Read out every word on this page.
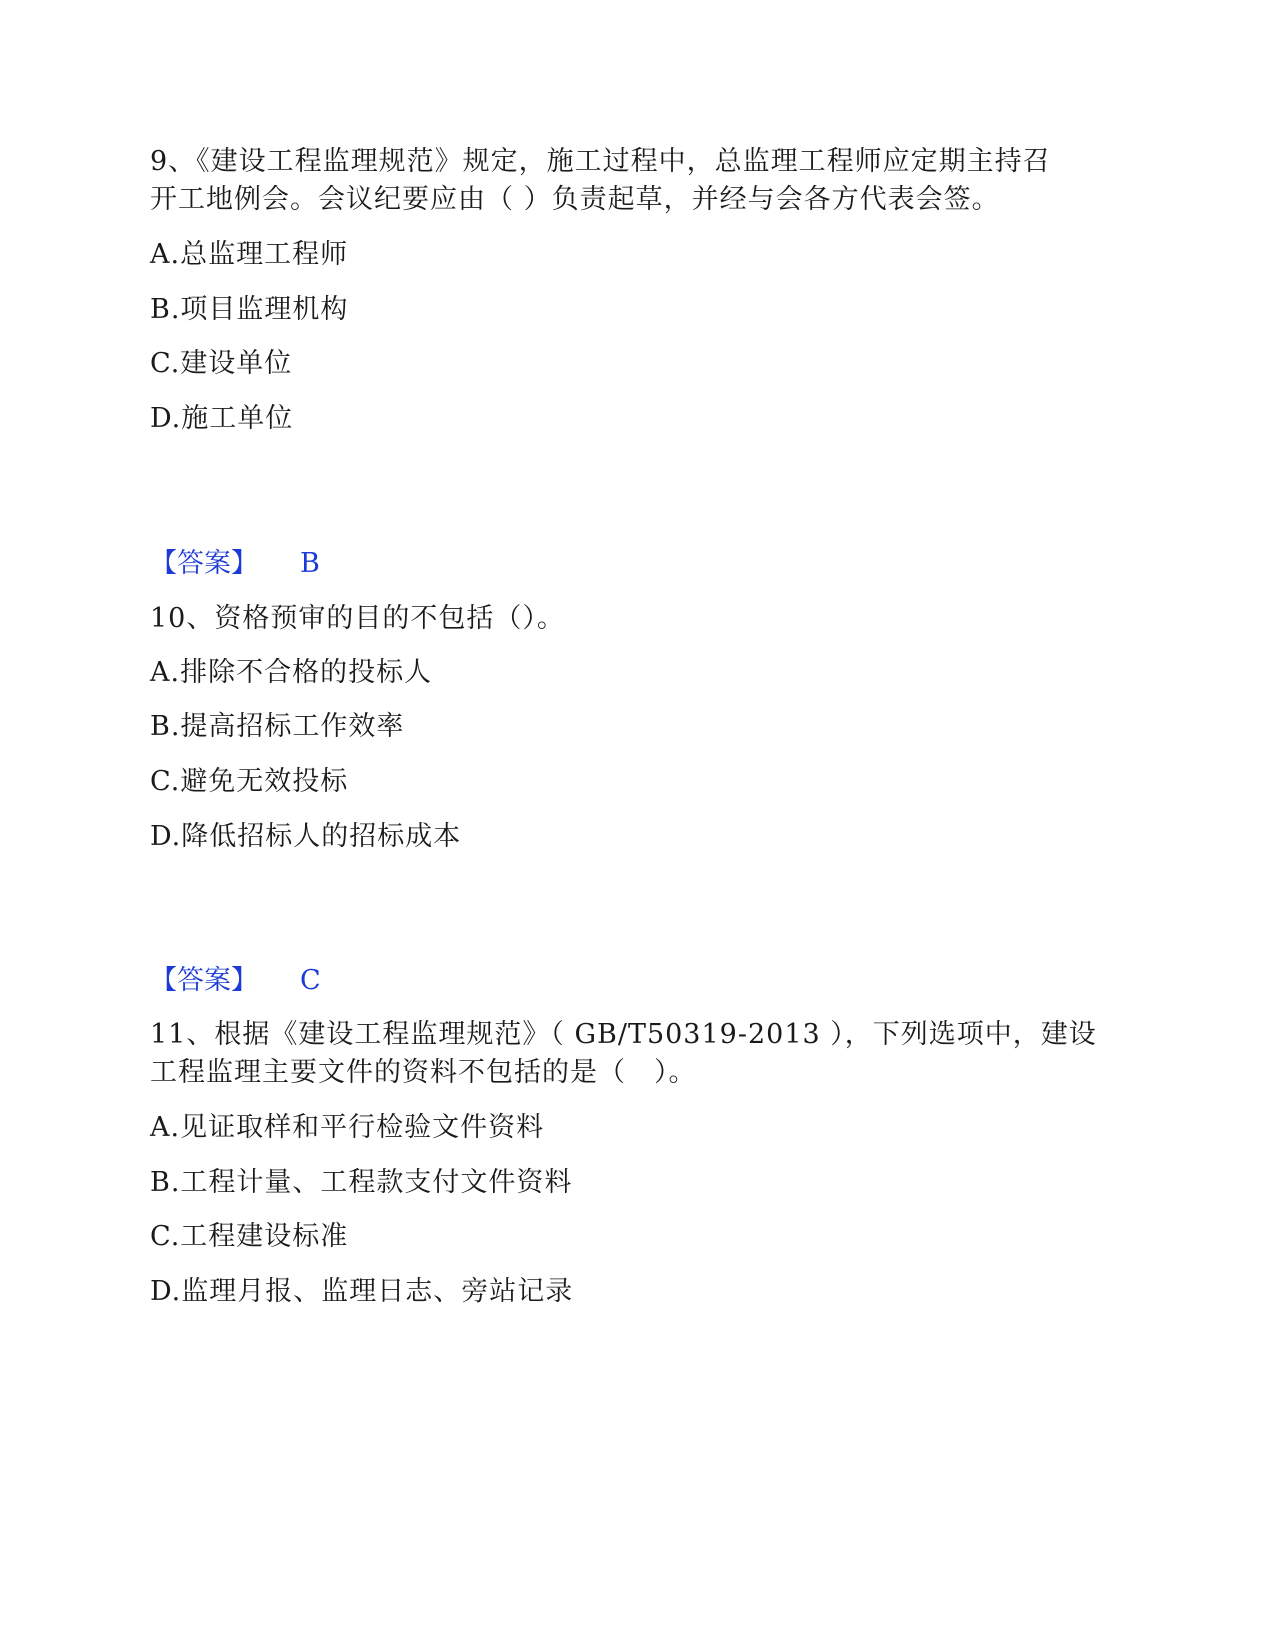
9、《建设工程监理规范》规定，施工过程中，总监理工程师应定期主持召
开工地例会。会议纪要应由（ ）负责起草，并经与会各方代表会签。
A.总监理工程师
B.项目监理机构
C.建设单位
D.施工单位
【答案】 B
10、资格预审的目的不包括（）。
A.排除不合格的投标人
B.提高招标工作效率
C.避免无效投标
D.降低招标人的招标成本
【答案】 C
11、根据《建设工程监理规范》（ GB/T50319-2013 ），下列选项中，建设
工程监理主要文件的资料不包括的是（　）。
A.见证取样和平行检验文件资料
B.工程计量、工程款支付文件资料
C.工程建设标准
D.监理月报、监理日志、旁站记录
